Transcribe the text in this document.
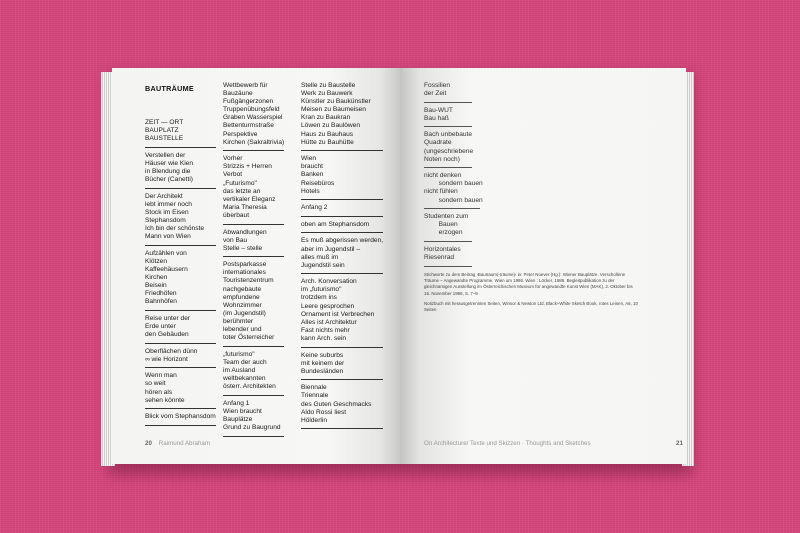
BAUTRÄUME
ZEIT — ORT
BAUPLATZ
BAUSTELLE
Verstellen der
Häuser wie Kien
in Blendung die
Bücher (Canetti)
Der Architekt
lebt immer noch
Stock im Eisen
Stephansdom
Ich bin der schönste
Mann von Wien
Aufzählen von
Klötzen
Kaffeehäusern
Kirchen
Beisein
Friedhöfen
Bahnhöfen
Reise unter der
Erde unter
den Gebäuden
Oberflächen dünn
∞ wie Horizont
Wenn man
so weit
hören als
sehen könnte
Blick vom Stephansdom
Wettbewerb für
Bauzäune
Fußgängerzonen
Truppenübungsfeld
Graben Wasserspiel
Bettenturmstraße
Perspektive
Kirchen (Sakraltrivia)
Vorher
Strizzis + Herren
Verbot
„Futurismo"
das letzte an
vertikaler Eleganz
Maria Theresia
überbaut
Abwandlungen
von Bau
Stelle – stelle
Postsparkasse
internationales
Touristenzentrum
nachgebaute
empfundene
Wohnzimmer
(im Jugendstil)
berühmter
lebender und
toter Österreicher
„futurismo"
Team der auch
im Ausland
weltbekannten
österr. Architekten
Anfang 1
Wien braucht
Bauplätze
Grund zu Baugrund
Stelle zu Baustelle
Werk zu Bauwerk
Künstler zu Baukünstler
Meisen zu Baumeisen
Kran zu Baukran
Löwen zu Baulöwen
Haus zu Bauhaus
Hütte zu Bauhütte
Wien
braucht
Banken
Reisebüros
Hotels
Anfang 2
oben am Stephansdom
Es muß abgerissen werden,
aber im Jugendstil –
alles muß im
Jugendstil sein
Arch. Konversation
im „futurismo"
trotzdem ins
Leere gesprochen
Ornament ist Verbrechen
Alles ist Architektur
Fast nichts mehr
kann Arch. sein
Keine suburbs
mit keinem der
Bundesländen
Biennale
Triennale
des Guten Geschmacks
Aldo Rossi liest
Hölderlin
20 Raimund Abraham
Fossilien
der Zeit
Bau-WUT
Bau haß
Bach unbebaute
Quadrate
(ungeschriebene
Noten noch)
nicht denken
sondern bauen
nicht fühlen
sondern bauen
Studenten zum
Bauen
erzogen
Horizontales
Riesenrad

Stichworte zu dem Beitrag ›Bautraum(-träume)‹ in: Peter Noever (Hg.): Wiener Bauplätze. Verschollene Träume – Angewandte Programme. Wien um 1986. Wien : Löcker, 1986. Begleitpublikation zu der gleichnamigen Ausstellung im Österreichischen Museum für angewandte Kunst Wien (MAK), 2. Oktober bis 16. November 1986, S. 7–9

Notizbuch mit herausgetrennten Seiten, Winsor & Newton Ltd. Black+White Sketch Book, rotes Leinen, A6, 10 Seiten

On Architecture/ Texte und Skizzen · Thoughts and Sketches	21
